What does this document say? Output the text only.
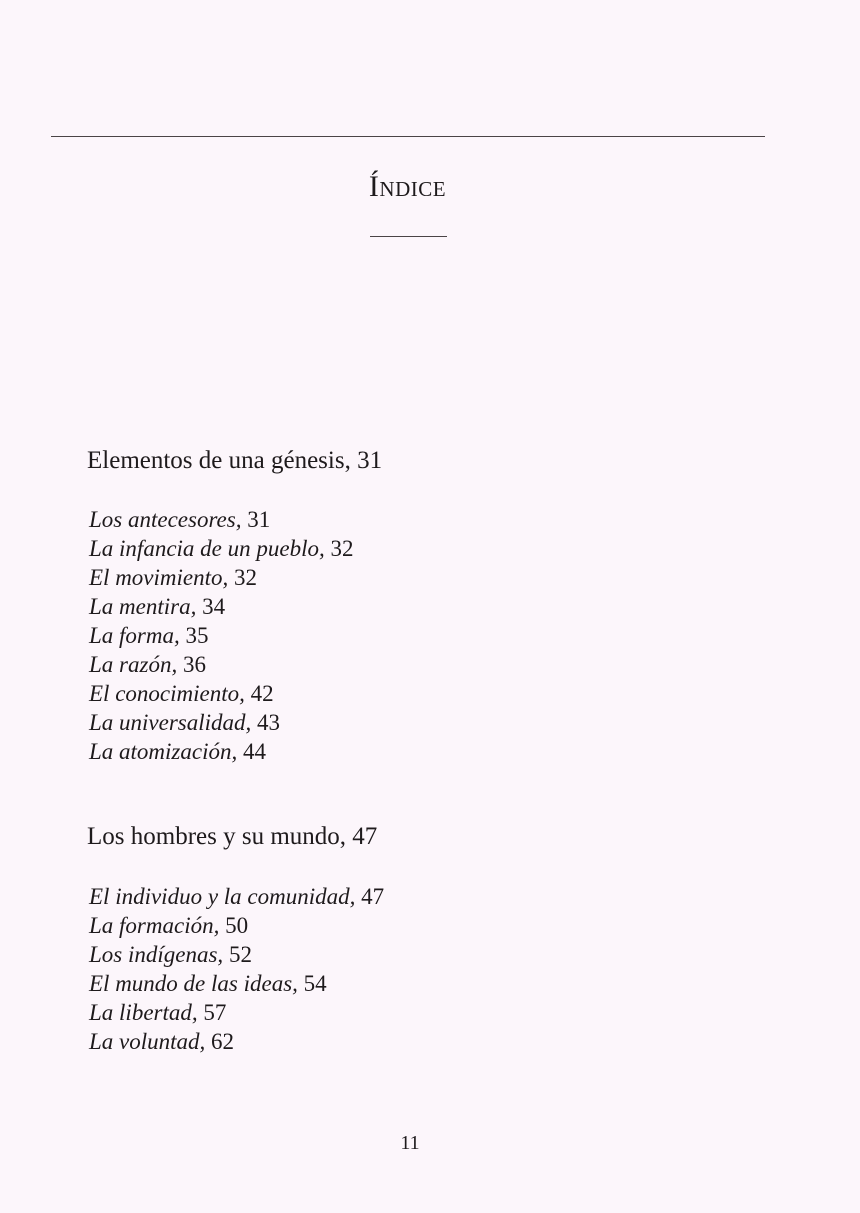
Índice
Elementos de una génesis, 31
Los antecesores, 31
La infancia de un pueblo, 32
El movimiento, 32
La mentira, 34
La forma, 35
La razón, 36
El conocimiento, 42
La universalidad, 43
La atomización, 44
Los hombres y su mundo, 47
El individuo y la comunidad, 47
La formación, 50
Los indígenas, 52
El mundo de las ideas, 54
La libertad, 57
La voluntad, 62
11
